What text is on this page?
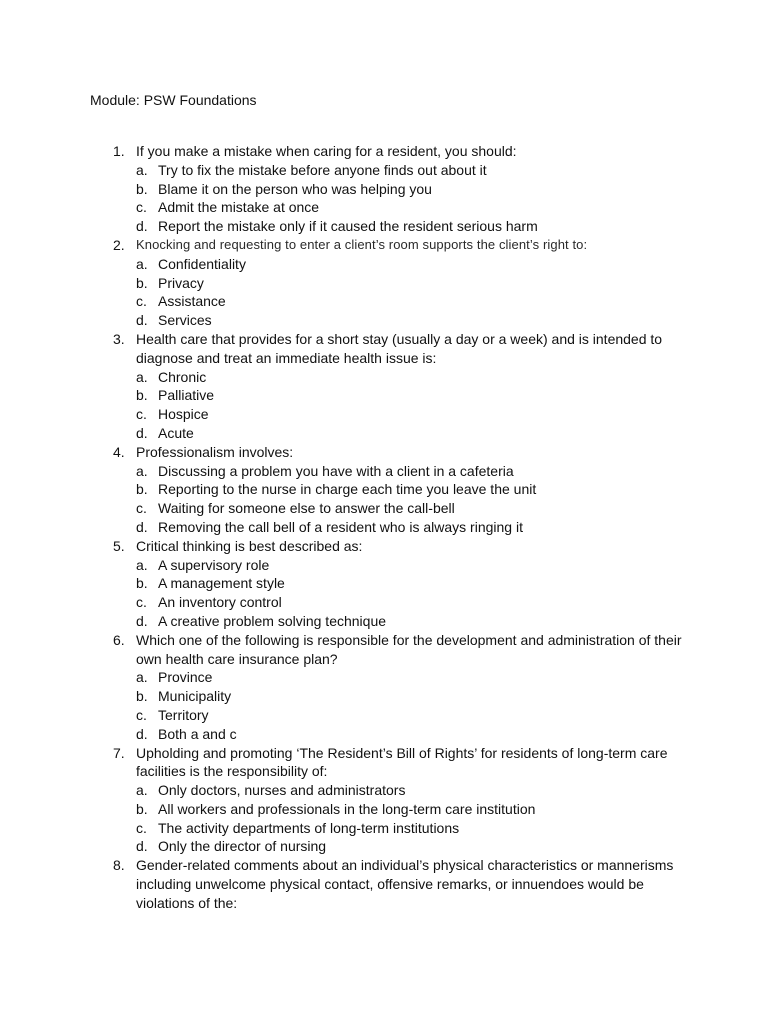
Module: PSW Foundations
1. If you make a mistake when caring for a resident, you should:
a. Try to fix the mistake before anyone finds out about it
b. Blame it on the person who was helping you
c. Admit the mistake at once
d. Report the mistake only if it caused the resident serious harm
2. Knocking and requesting to enter a client’s room supports the client’s right to:
a. Confidentiality
b. Privacy
c. Assistance
d. Services
3. Health care that provides for a short stay (usually a day or a week) and is intended to diagnose and treat an immediate health issue is:
a. Chronic
b. Palliative
c. Hospice
d. Acute
4. Professionalism involves:
a. Discussing a problem you have with a client in a cafeteria
b. Reporting to the nurse in charge each time you leave the unit
c. Waiting for someone else to answer the call-bell
d. Removing the call bell of a resident who is always ringing it
5. Critical thinking is best described as:
a. A supervisory role
b. A management style
c. An inventory control
d. A creative problem solving technique
6. Which one of the following is responsible for the development and administration of their own health care insurance plan?
a. Province
b. Municipality
c. Territory
d. Both a and c
7. Upholding and promoting ‘The Resident’s Bill of Rights’ for residents of long-term care facilities is the responsibility of:
a. Only doctors, nurses and administrators
b. All workers and professionals in the long-term care institution
c. The activity departments of long-term institutions
d. Only the director of nursing
8. Gender-related comments about an individual’s physical characteristics or mannerisms including unwelcome physical contact, offensive remarks, or innuendoes would be violations of the:
